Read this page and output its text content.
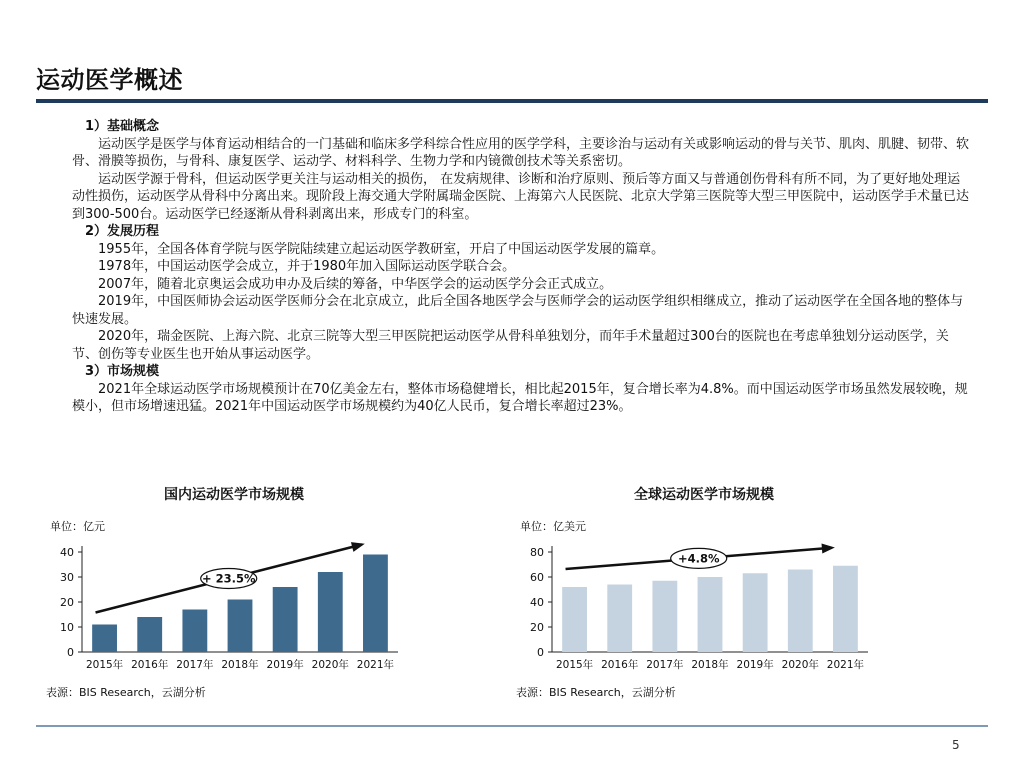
运动医学概述
1）基础概念
运动医学是医学与体育运动相结合的一门基础和临床多学科综合性应用的医学学科，主要诊治与运动有关或影响运动的骨与关节、肌肉、肌腱、韧带、软骨、滑膜等损伤，与骨科、康复医学、运动学、材料科学、生物力学和内镜微创技术等关系密切。
运动医学源于骨科，但运动医学更关注与运动相关的损伤， 在发病规律、诊断和治疗原则、预后等方面又与普通创伤骨科有所不同，为了更好地处理运动性损伤，运动医学从骨科中分离出来。现阶段上海交通大学附属瑞金医院、上海第六人民医院、北京大学第三医院等大型三甲医院中，运动医学手术量已达到300-500台。运动医学已经逐渐从骨科剥离出来，形成专门的科室。
2）发展历程
1955年，全国各体育学院与医学院陆续建立起运动医学教研室，开启了中国运动医学发展的篇章。
1978年，中国运动医学会成立，并于1980年加入国际运动医学联合会。
2007年，随着北京奥运会成功申办及后续的筹备，中华医学会的运动医学分会正式成立。
2019年，中国医师协会运动医学医师分会在北京成立，此后全国各地医学会与医师学会的运动医学组织相继成立，推动了运动医学在全国各地的整体与快速发展。
2020年，瑞金医院、上海六院、北京三院等大型三甲医院把运动医学从骨科单独划分，而年手术量超过300台的医院也在考虑单独划分运动医学，关节、创伤等专业医生也开始从事运动医学。
3）市场规模
2021年全球运动医学市场规模预计在70亿美金左右，整体市场稳健增长，相比起2015年，复合增长率为4.8%。而中国运动医学市场虽然发展较晚，规模小，但市场增速迅猛。2021年中国运动医学市场规模约为40亿人民币，复合增长率超过23%。
国内运动医学市场规模
单位：亿元
0
10
20
30
40
2015年 2016年 2017年 2018年 2019年 2020年 2021年
+ 23.5%
表源：BIS Research，云湖分析
全球运动医学市场规模
单位：亿美元
0
20
40
60
80
2015年 2016年 2017年 2018年 2019年 2020年 2021年
+4.8%
表源：BIS Research，云湖分析
5
